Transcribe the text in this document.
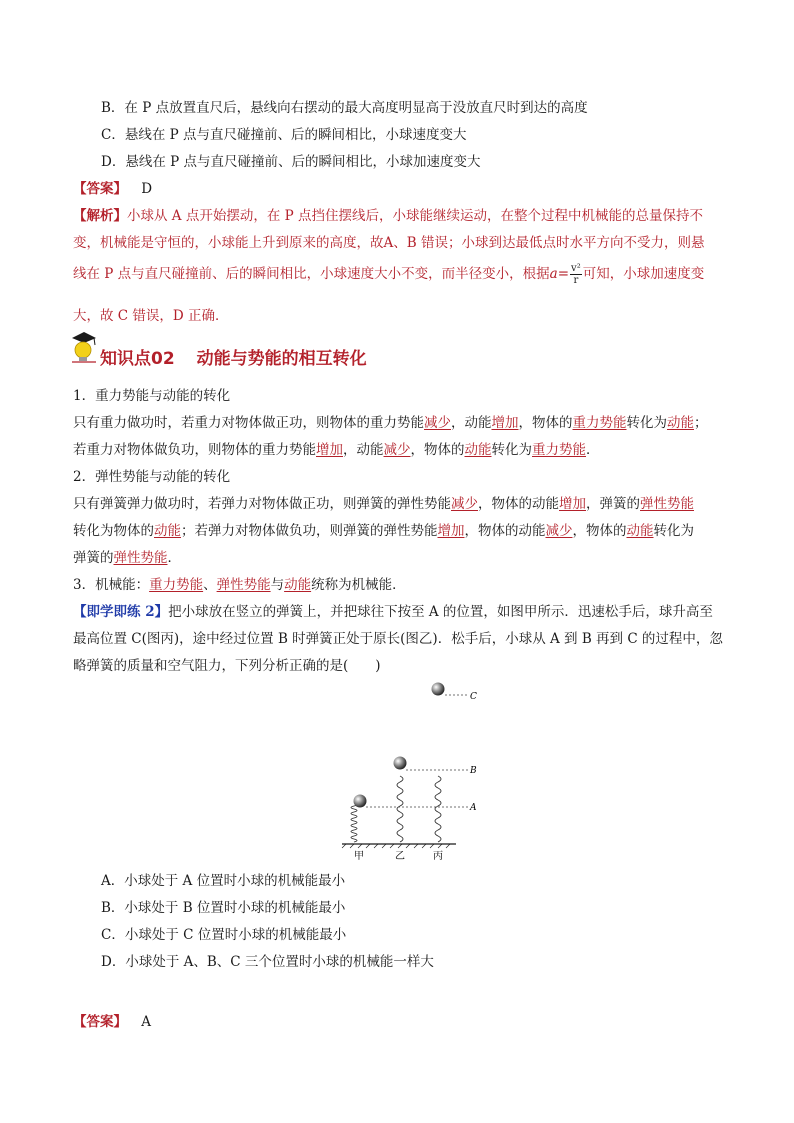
B．在 P 点放置直尺后，悬线向右摆动的最大高度明显高于没放直尺时到达的高度
C．悬线在 P 点与直尺碰撞前、后的瞬间相比，小球速度变大
D．悬线在 P 点与直尺碰撞前、后的瞬间相比，小球加速度变大
【答案】 D
【解析】小球从 A 点开始摆动，在 P 点挡住摆线后，小球能继续运动，在整个过程中机械能的总量保持不
变，机械能是守恒的，小球能上升到原来的高度，故A、B 错误；小球到达最低点时水平方向不受力，则悬
线在 P 点与直尺碰撞前、后的瞬间相比，小球速度大小不变，而半径变小，根据$a= \frac{\text{v²}}{r}$ 可知，小球加速度变
大，故 C 错误，D 正确．
知识点02 动能与势能的相互转化
1．重力势能与动能的转化
只有重力做功时，若重力对物体做正功，则物体的重力势能减少，动能增加，物体的重力势能转化为动能；
若重力对物体做负功，则物体的重力势能增加，动能减少，物体的动能转化为重力势能．
2．弹性势能与动能的转化
只有弹簧弹力做功时，若弹力对物体做正功，则弹簧的弹性势能减少，物体的动能增加，弹簧的弹性势能
转化为物体的动能；若弹力对物体做负功，则弹簧的弹性势能增加，物体的动能减少，物体的动能转化为
弹簧的弹性势能．
3．机械能：重力势能、弹性势能与动能统称为机械能．
【即学即练 2】把小球放在竖立的弹簧上，并把球往下按至 A 的位置，如图甲所示．迅速松手后，球升高至
最高位置 C(图丙)，途中经过位置 B 时弹簧正处于原长(图乙)．松手后，小球从 A 到 B 再到 C 的过程中，忽
略弹簧的质量和空气阻力，下列分析正确的是(　　)
C
A
B
甲	乙	丙
A．小球处于 A 位置时小球的机械能最小
B．小球处于 B 位置时小球的机械能最小
C．小球处于 C 位置时小球的机械能最小
D．小球处于 A、B、C 三个位置时小球的机械能一样大
【答案】 A
